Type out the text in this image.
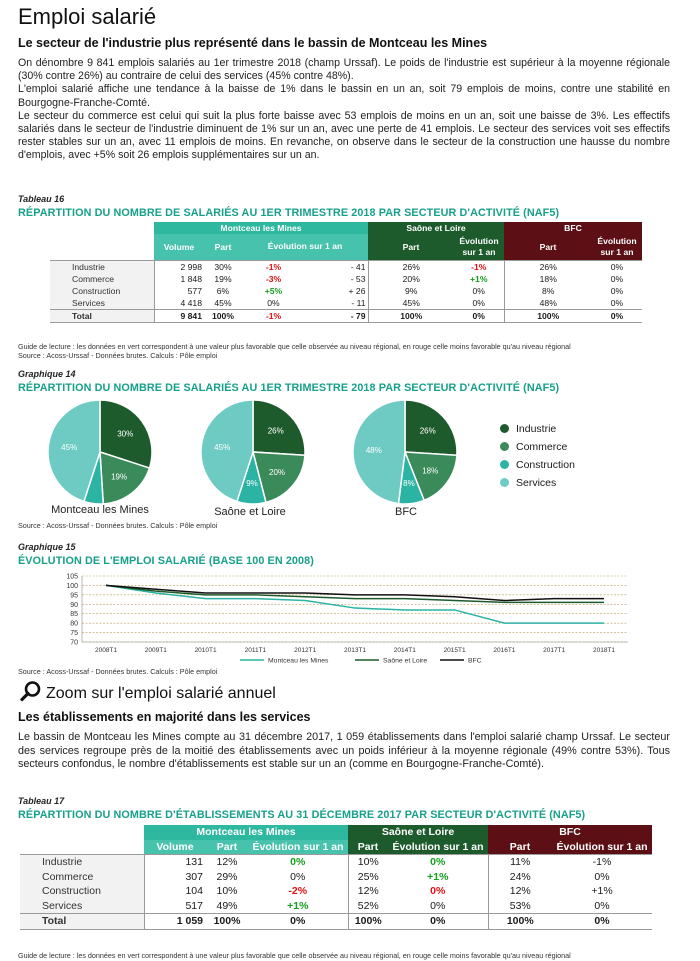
Emploi salarié
Le secteur de l'industrie plus représenté dans le bassin de Montceau les Mines

On dénombre 9 841 emplois salariés au 1er trimestre 2018 (champ Urssaf). Le poids de l'industrie est supérieur à la moyenne régionale (30% contre 26%) au contraire de celui des services (45% contre 48%).

L'emploi salarié affiche une tendance à la baisse de 1% dans le bassin en un an, soit 79 emplois de moins, contre une stabilité en Bourgogne-Franche-Comté.

Le secteur du commerce est celui qui suit la plus forte baisse avec 53 emplois de moins en un an, soit une baisse de 3%. Les effectifs salariés dans le secteur de l'industrie diminuent de 1% sur un an, avec une perte de 41 emplois. Le secteur des services voit ses effectifs rester stables sur un an, avec 11 emplois de moins. En revanche, on observe dans le secteur de la construction une hausse du nombre d'emplois, avec +5% soit 26 emplois supplémentaires sur un an.

Tableau 16
RÉPARTITION DU NOMBRE DE SALARIÉS AU 1ER TRIMESTRE 2018 PAR SECTEUR D'ACTIVITÉ (NAF5)
	Montceau les Mines				Saône et Loire		BFC	
	Volume	Part	Évolution sur 1 an		Part	Évolution sur 1 an	Part	Évolution sur 1 an
Industrie	2 998	30%	-1%	- 41	26%	-1%	26%	0%
Commerce	1 848	19%	-3%	- 53	20%	+1%	18%	0%
Construction	577	6%	+5%	+ 26	9%	0%	8%	0%
Services	4 418	45%	0%	- 11	45%	0%	48%	0%
Total	9 841	100%	-1%	- 79	100%	0%	100%	0%
Guide de lecture : les données en vert correspondent à une valeur plus favorable que celle observée au niveau régional, en rouge celle moins favorable qu'au niveau régional
Source : Acoss-Urssaf - Données brutes. Calculs : Pôle emploi
Graphique 14
RÉPARTITION DU NOMBRE DE SALARIÉS AU 1ER TRIMESTRE 2018 PAR SECTEUR D'ACTIVITÉ (NAF5)
30%
19%
45%
26%
20%
9%
45%
26%
18%
8%
48%
Montceau les Mines	Saône et Loire	BFC
Industrie
Commerce
Construction
Services
Source : Acoss-Urssaf - Données brutes. Calculs : Pôle emploi
Graphique 15
ÉVOLUTION DE L'EMPLOI SALARIÉ (BASE 100 EN 2008)
70
75
80
85
90
95
100
105
2008T1	2009T1	2010T1	2011T1	2012T1	2013T1	2014T1	2015T1	2016T1	2017T1	2018T1
Montceau les Mines	Saône et Loire	BFC
Source : Acoss-Urssaf - Données brutes. Calculs : Pôle emploi
Zoom sur l'emploi salarié annuel
Les établissements en majorité dans les services

Le bassin de Montceau les Mines compte au 31 décembre 2017, 1 059 établissements dans l'emploi salarié champ Urssaf. Le secteur des services regroupe près de la moitié des établissements avec un poids inférieur à la moyenne régionale (49% contre 53%). Tous secteurs confondus, le nombre d'établissements est stable sur un an (comme en Bourgogne-Franche-Comté).

Tableau 17
RÉPARTITION DU NOMBRE D'ÉTABLISSEMENTS AU 31 DÉCEMBRE 2017 PAR SECTEUR D'ACTIVITÉ (NAF5)
	Montceau les Mines			Saône et Loire		BFC	
	Volume	Part	Évolution sur 1 an	Part	Évolution sur 1 an	Part	Évolution sur 1 an
Industrie	131	12%	0%	10%	0%	11%	-1%
Commerce	307	29%	0%	25%	+1%	24%	0%
Construction	104	10%	-2%	12%	0%	12%	+1%
Services	517	49%	+1%	52%	0%	53%	0%
Total	1 059	100%	0%	100%	0%	100%	0%
Guide de lecture : les données en vert correspondent à une valeur plus favorable que celle observée au niveau régional, en rouge celle moins favorable qu'au niveau régional
